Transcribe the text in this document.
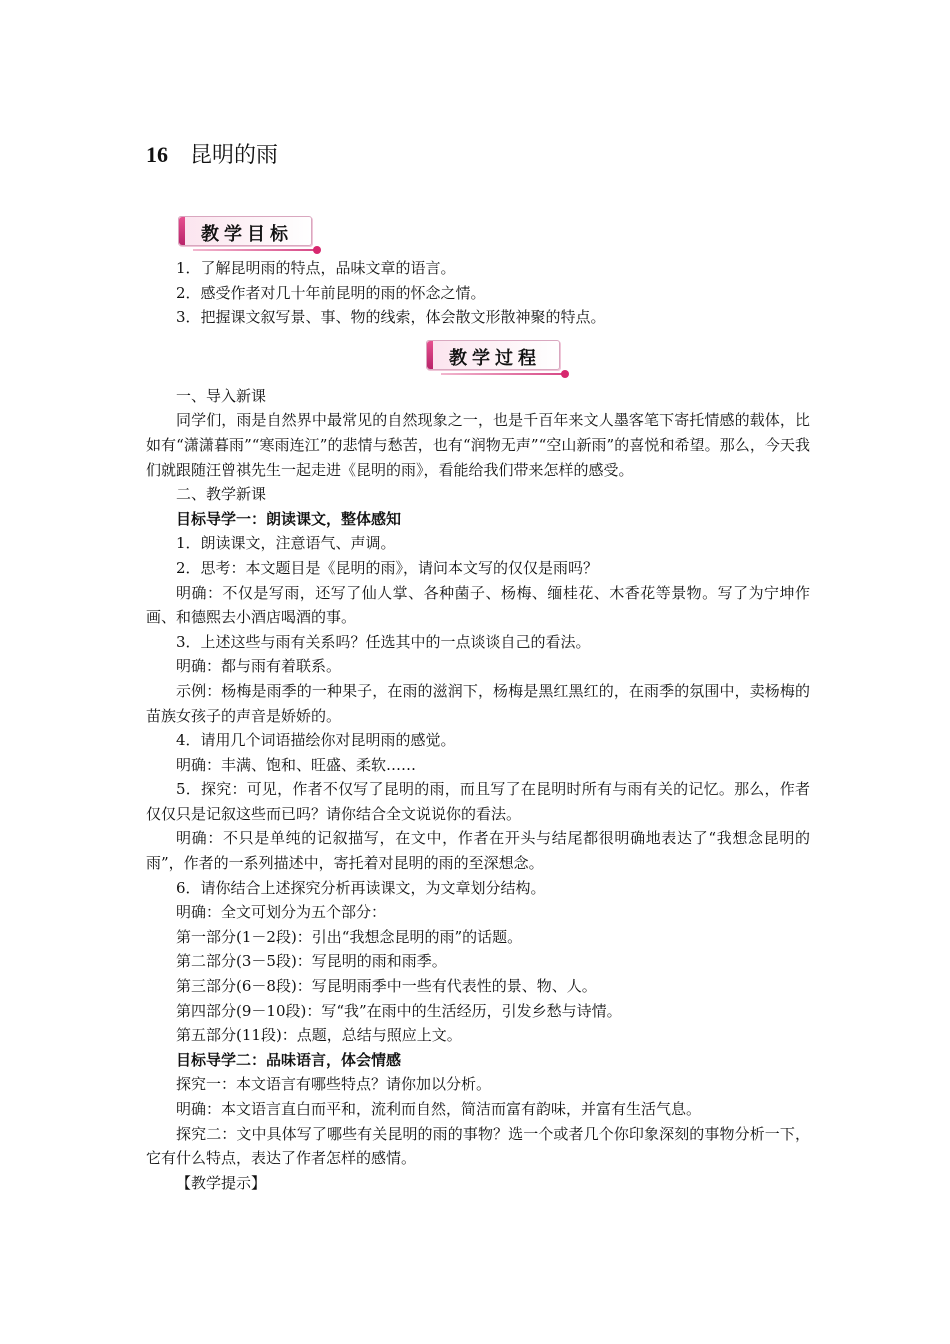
16 昆明的雨
教学目标
教学过程

1．了解昆明雨的特点，品味文章的语言。

2．感受作者对几十年前昆明的雨的怀念之情。

3．把握课文叙写景、事、物的线索，体会散文形散神聚的特点。

一、导入新课

同学们，雨是自然界中最常见的自然现象之一，也是千百年来文人墨客笔下寄托情感的载体，比如有“潇潇暮雨”“寒雨连江”的悲情与愁苦，也有“润物无声”“空山新雨”的喜悦和希望。那么，今天我们就跟随汪曾祺先生一起走进《昆明的雨》，看能给我们带来怎样的感受。

二、教学新课

目标导学一：朗读课文，整体感知

1．朗读课文，注意语气、声调。

2．思考：本文题目是《昆明的雨》，请问本文写的仅仅是雨吗？

明确：不仅是写雨，还写了仙人掌、各种菌子、杨梅、缅桂花、木香花等景物。写了为宁坤作画、和德熙去小酒店喝酒的事。

3．上述这些与雨有关系吗？任选其中的一点谈谈自己的看法。

明确：都与雨有着联系。

示例：杨梅是雨季的一种果子，在雨的滋润下，杨梅是黑红黑红的，在雨季的氛围中，卖杨梅的苗族女孩子的声音是娇娇的。

4．请用几个词语描绘你对昆明雨的感觉。

明确：丰满、饱和、旺盛、柔软……

5．探究：可见，作者不仅写了昆明的雨，而且写了在昆明时所有与雨有关的记忆。那么，作者仅仅只是记叙这些而已吗？请你结合全文说说你的看法。

明确：不只是单纯的记叙描写，在文中，作者在开头与结尾都很明确地表达了“我想念昆明的雨”，作者的一系列描述中，寄托着对昆明的雨的至深想念。

6．请你结合上述探究分析再读课文，为文章划分结构。

明确：全文可划分为五个部分：

第一部分(1－2段)：引出“我想念昆明的雨”的话题。

第二部分(3－5段)：写昆明的雨和雨季。

第三部分(6－8段)：写昆明雨季中一些有代表性的景、物、人。

第四部分(9－10段)：写“我”在雨中的生活经历，引发乡愁与诗情。

第五部分(11段)：点题，总结与照应上文。

目标导学二：品味语言，体会情感

探究一：本文语言有哪些特点？请你加以分析。

明确：本文语言直白而平和，流利而自然，简洁而富有韵味，并富有生活气息。

探究二：文中具体写了哪些有关昆明的雨的事物？选一个或者几个你印象深刻的事物分析一下，它有什么特点，表达了作者怎样的感情。

【教学提示】
